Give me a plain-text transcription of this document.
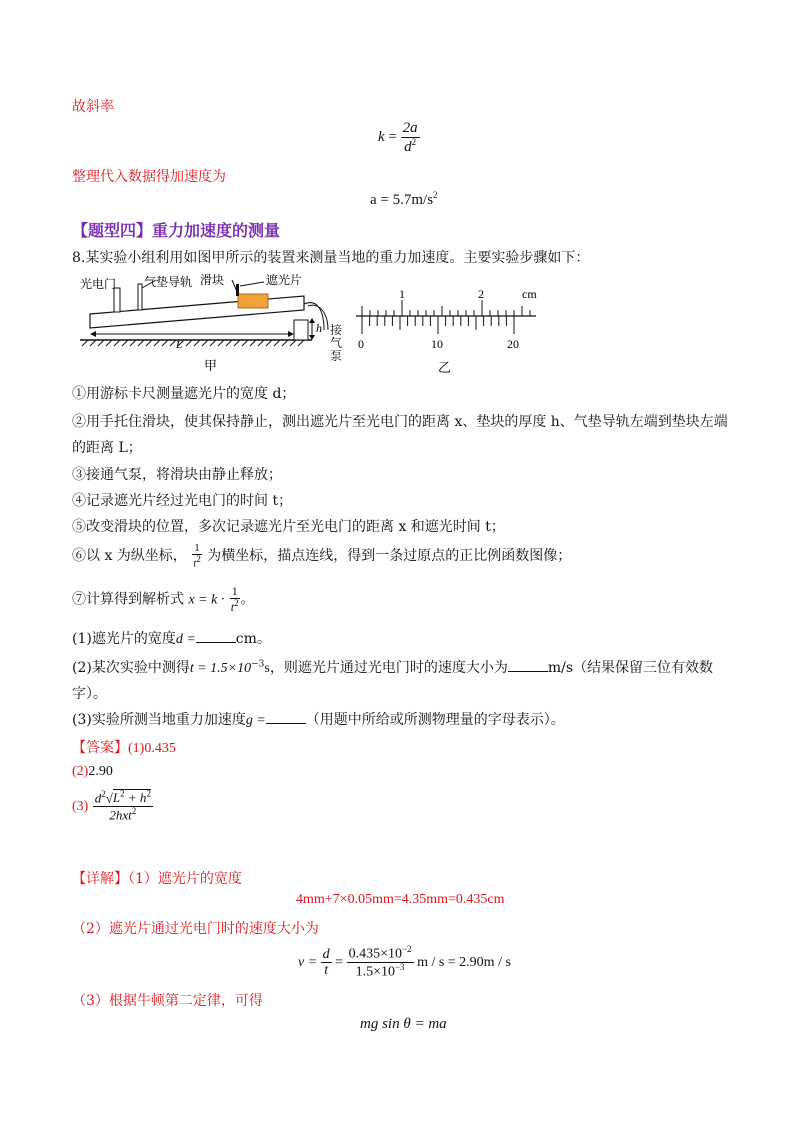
故斜率
$k = \frac{2a}{d^2}$
整理代入数据得加速度为
$a = 5.7m/s^2$
【题型四】重力加速度的测量
8.某实验小组利用如图甲所示的装置来测量当地的重力加速度。主要实验步骤如下：
光电门 气垫导轨 滑块	遮光片
h
L
甲
接气泵
1	2	cm
0	10	20
乙
①用游标卡尺测量遮光片的宽度 d；
②用手托住滑块，使其保持静止，测出遮光片至光电门的距离 x、垫块的厚度 h、气垫导轨左端到垫块左端
的距离 L；
③接通气泵，将滑块由静止释放；
④记录遮光片经过光电门的时间 t；
⑤改变滑块的位置，多次记录遮光片至光电门的距离 x 和遮光时间 t；
⑥以 x 为纵坐标， $\frac{1}{t^2}$ 为横坐标，描点连线，得到一条过原点的正比例函数图像；
⑦计算得到解析式 $x = k \cdot \frac{1}{t^2}$ 。
(1)遮光片的宽度d =	cm。
(2)某次实验中测得$t = 1.5\times 10^{-3}s$，则遮光片通过光电门时的速度大小为	m/s（结果保留三位有效数
字）。
(3)实验所测当地重力加速度g =	（用题中所给或所测物理量的字母表示）。
【答案】(1)0.435
(2)2.90
$(3) \frac{d^2√L^2 + h^2}{2hxt^2}$
【详解】（1）遮光片的宽度
4mm+7×0.05mm=4.35mm=0.435cm
（2）遮光片通过光电门时的速度大小为
$v = \frac{d}{t} = \frac{0.435\times 10^{-2}}{1.5\times 10^{-3}}$ m / s = 2.90m / s
（3）根据牛顿第二定律，可得
mg sin θ = ma
